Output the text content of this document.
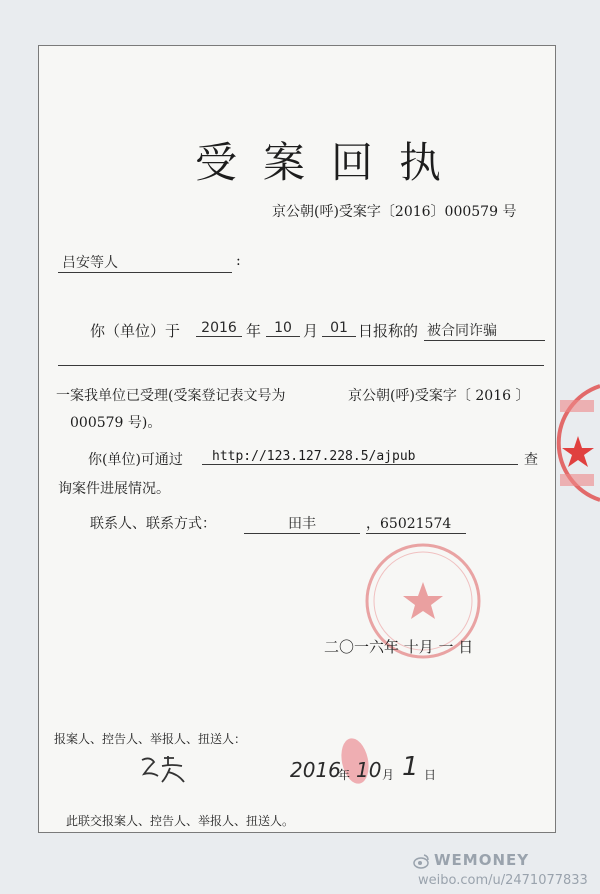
受案回执
京公朝(呼)受案字〔2016〕000579 号
吕安等人	:
你（单位）于	2016 年 10 月 01 日报称的 被合同诈骗
一案我单位已受理(受案登记表文号为	京公朝(呼)受案字〔 2016 〕
000579 号)。
你(单位)可通过	http://123.127.228.5/ajpub	查
询案件进展情况。
联系人、联系方式：	田丰	，65021574
二〇一六年 十月 一 日
报案人、控告人、举报人、扭送人：
2016
年 10 月 1 日
此联交报案人、控告人、举报人、扭送人。
WEMONEY
weibo.com/u/2471077833
